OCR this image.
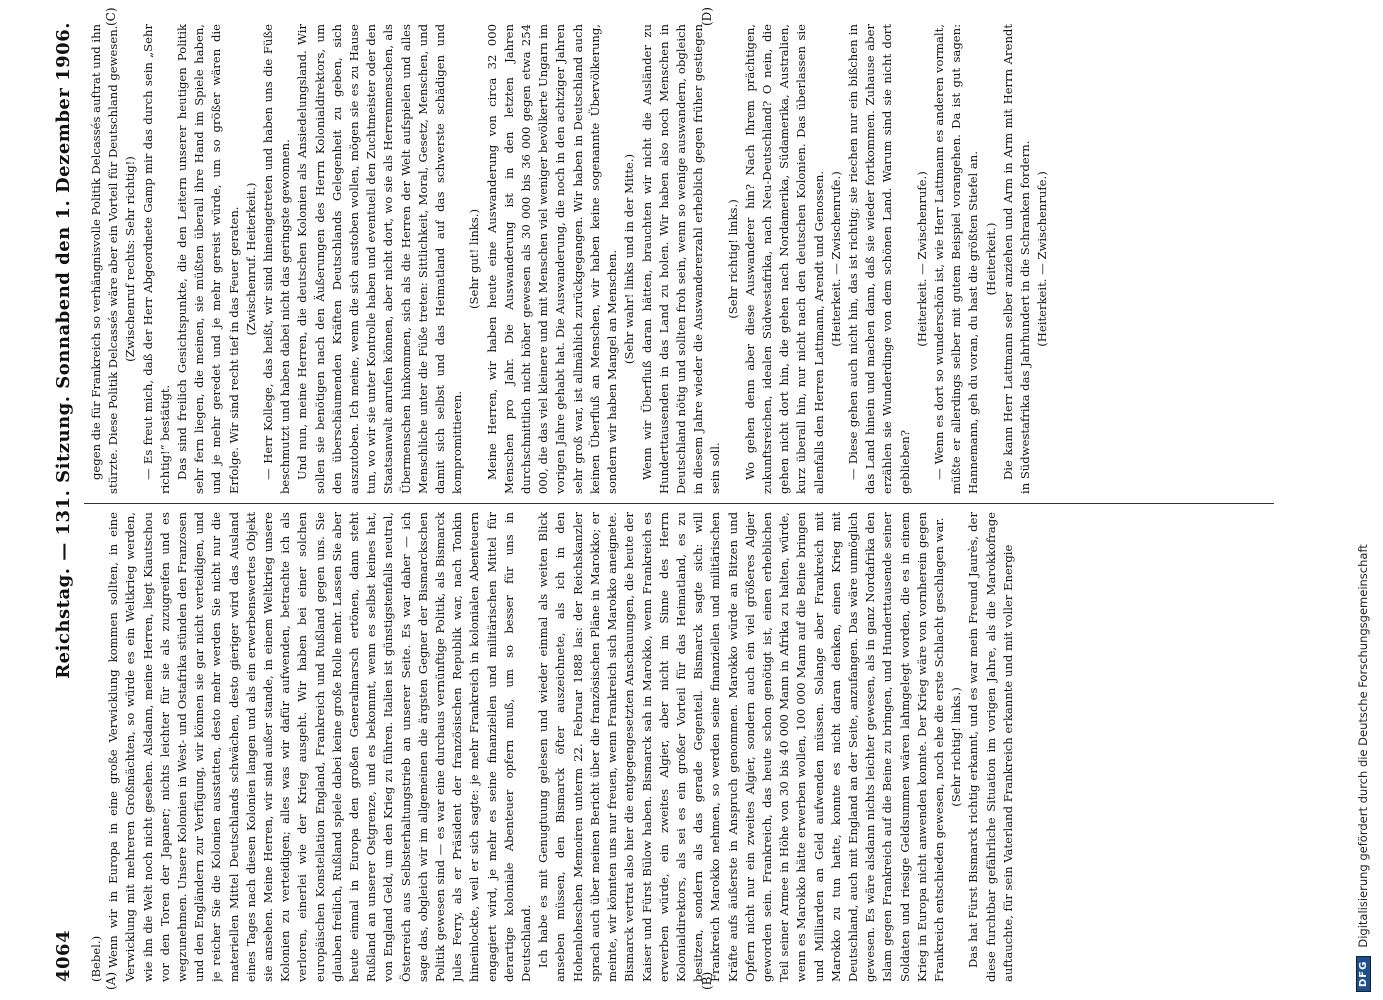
4064
Reichstag. — 131. Sitzung. Sonnabend den 1. Dezember 1906.
(A)	(B)
(C)	(D)

(Bebel.) Wenn wir in Europa in eine große Verwicklung kommen sollten, in eine Verwicklung mit mehreren Großmächten, so würde es ein Weltkrieg werden, wie ihn die Welt noch nicht gesehen. Alsdann, meine Herren, liegt Kiautschou vor den Toren der Japaner; nichts leichter für sie als zuzugreifen und es wegzunehmen. Unsere Kolonien in West- und Ostafrika stünden den Franzosen und den Engländern zur Verfügung, wir können sie gar nicht verteidigen, und je reicher Sie die Kolonien ausstatten, desto mehr werden Sie nicht nur die materiellen Mittel Deutschlands schwächen, desto gieriger wird das Ausland eines Tages nach diesen Kolonien langen und als ein erwerbenswertes Objekt sie ansehen. Meine Herren, wir sind außer stande, in einem Weltkrieg unsere Kolonien zu verteidigen; alles was wir dafür aufwenden, betrachte ich als verloren, einerlei wie der Krieg ausgeht. Wir haben bei einer solchen europäischen Konstellation England, Frankreich und Rußland gegen uns. Sie glauben freilich, Rußland spiele dabei keine große Rolle mehr. Lassen Sie aber heute einmal in Europa den großen Generalmarsch ertönen, dann steht Rußland an unserer Ostgrenze, und es bekommt, wenn es selbst keines hat, von England Geld, um den Krieg zu führen. Italien ist günstigstenfalls neutral, Österreich aus Selbsterhaltungstrieb an unserer Seite. Es war daher — ich sage das, obgleich wir im allgemeinen die ärgsten Gegner der Bismarckschen Politik gewesen sind — es war eine durchaus vernünftige Politik, als Bismarck Jules Ferry, als er Präsident der französischen Republik war, nach Tonkin hineinlockte, weil er sich sagte: je mehr Frankreich in kolonialen Abenteuern engagiert wird, je mehr es seine finanziellen und militärischen Mittel für derartige koloniale Abenteuer opfern muß, um so besser für uns in Deutschland. Ich habe es mit Genugtuung gelesen und wieder einmal als weiten Blick anseben müssen, den Bismarck öfter auszeichnete, als ich in den Hohenloheschen Memoiren unterm 22. Februar 1888 las: der Reichskanzler sprach auch über meinen Bericht über die französischen Pläne in Marokko; er meinte, wir könnten uns nur freuen, wenn Frankreich sich Marokko aneignete. Bismarck vertrat also hier die entgegengesetzten Anschauungen, die heute der Kaiser und Fürst Bülow haben. Bismarck sah in Marokko, wenn Frankreich es erwerben würde, ein zweites Algier, aber nicht im Sinne des Herrn Kolonialdirektors, als sei es ein großer Vorteil für das Heimatland, es zu besitzen, sondern als das gerade Gegenteil. Bismarck sagte sich: will Frankreich Marokko nehmen, so werden seine finanziellen und militärischen Kräfte aufs äußerste in Anspruch genommen. Marokko würde an Bitzen und Opfern nicht nur ein zweites Algier, sondern auch ein viel größeres Algier geworden sein. Frankreich, das heute schon genötigt ist, einen erheblichen Teil seiner Armee in Höhe von 30 bis 40 000 Mann in Afrika zu halten, würde, wenn es Marokko hätte erwerben wollen, 100 000 Mann auf die Beine bringen und Milliarden an Geld aufwenden müssen. Solange aber Frankreich mit Marokko zu tun hatte, konnte es nicht daran denken, einen Krieg mit Deutschland, auch mit England an der Seite, anzufangen. Das wäre unmöglich gewesen. Es wäre alsdann nichts leichter gewesen, als in ganz Nordafrika den Islam gegen Frankreich auf die Beine zu bringen, und Hunderttausende seiner Soldaten und riesige Geldsummen wären lahmgelegt worden, die es in einem Krieg in Europa nicht anwenden konnte. Der Krieg wäre von vornherein gegen Frankreich entschieden gewesen, noch ehe die erste Schlacht geschlagen war. (Sehr richtig! links.) Das hat Fürst Bismarck richtig erkannt, und es war mein Freund Jaurès, der diese furchtbar gefährliche Situation im vorigen Jahre, als die Marokkofrage auftauchte, für sein Vaterland Frankreich erkannte und mit voller Energie

gegen die für Frankreich so verhängnisvolle Politik Delcassés auftrat und ihn stürzte. Diese Politik Delcassés wäre aber ein Vorteil für Deutschland gewesen. (Zwischenruf rechts: Sehr richtig!) — Es freut mich, daß der Herr Abgeordnete Gamp mir das durch sein „Sehr richtig!“ bestätigt. Das sind freilich Gesichtspunkte, die den Leitern unserer heutigen Politik sehr fern liegen, die meinen, sie müßten überall ihre Hand im Spiele haben, und je mehr geredet und je mehr gereist würde, um so größer wären die Erfolge. Wir sind recht tief in das Feuer geraten. (Zwischenruf. Heiterkeit.) — Herr Kollege, das heißt, wir sind hineingetreten und haben uns die Füße beschmutzt und haben dabei nicht das geringste gewonnen. Und nun, meine Herren, die deutschen Kolonien als Ansiedelungsland. Wir sollen sie benötigen nach den Äußerungen des Herrn Kolonialdirektors, um den überschäumenden Kräften Deutschlands Gelegenheit zu geben, sich auszutoben. Ich meine, wenn die sich austoben wollen, mögen sie es zu Hause tun, wo wir sie unter Kontrolle haben und eventuell den Zuchtmeister oder den Staatsanwalt anrufen können, aber nicht dort, wo sie als Herrenmenschen, als Übermenschen hinkommen, sich als die Herren der Welt aufspielen und alles Menschliche unter die Füße treten: Sittlichkeit, Moral, Gesetz, Menschen, und damit sich selbst und das Heimatland auf das schwerste schädigen und kompromittieren.

(Sehr gut! links.) Meine Herren, wir haben heute eine Auswanderung von circa 32 000 Menschen pro Jahr. Die Auswanderung ist in den letzten Jahren durchschnittlich nicht höher gewesen als 30 000 bis 36 000 gegen etwa 254 000, die das viel kleinere und mit Menschen viel weniger bevölkerte Ungarn im vorigen Jahre gehabt hat. Die Auswanderung, die noch in den achtziger Jahren sehr groß war, ist allmählich zurückgegangen. Wir haben in Deutschland auch keinen Überfluß an Menschen, wir haben keine sogenannte Übervölkerung, sondern wir haben Mangel an Menschen. (Sehr wahr! links und in der Mitte.) Wenn wir Überfluß daran hätten, brauchten wir nicht die Ausländer zu Hunderttausenden in das Land zu holen. Wir haben also noch Menschen in Deutschland nötig und sollten froh sein, wenn so wenige auswandern, obgleich in diesem Jahre wieder die Auswandererzahl erheblich gegen früher gestiegen sein soll.

(Sehr richtig! links.) Wo gehen denn aber diese Auswanderer hin? Nach Ihrem prächtigen, zukunftsreichen, idealen Südwestafrika, nach Neu-Deutschland? O nein, die gehen nicht dort hin, die gehen nach Nordamerika, Südamerika, Australien, kurz überall hin, nur nicht nach den deutschen Kolonien. Das überlassen sie allenfalls den Herren Lattmann, Arendt und Genossen. (Heiterkeit. — Zwischenrufe.) — Diese gehen auch nicht hin, das ist richtig; sie riechen nur ein bißchen in das Land hinein und machen dann, daß sie wieder fortkommen. Zuhause aber erzählen sie Wunderdinge von dem schönen Land. Warum sind sie nicht dort geblieben?

(Heiterkeit. — Zwischenrufe.) — Wenn es dort so wunderschön ist, wie Herr Lattmann es anderen vormalt, müßte er allerdings selber mit gutem Beispiel vorangehen. Da ist gut sagen: Hannemann, geh du voran, du hast die größten Stiefel an. (Heiterkeit.) Die kann Herr Lattmann selber anziehen und Arm in Arm mit Herrn Arendt in Südwestafrika das Jahrhundert in die Schranken fordern. (Heiterkeit. — Zwischenrufe.)

DFG
Digitalisierung gefördert durch die Deutsche Forschungsgemeinschaft
